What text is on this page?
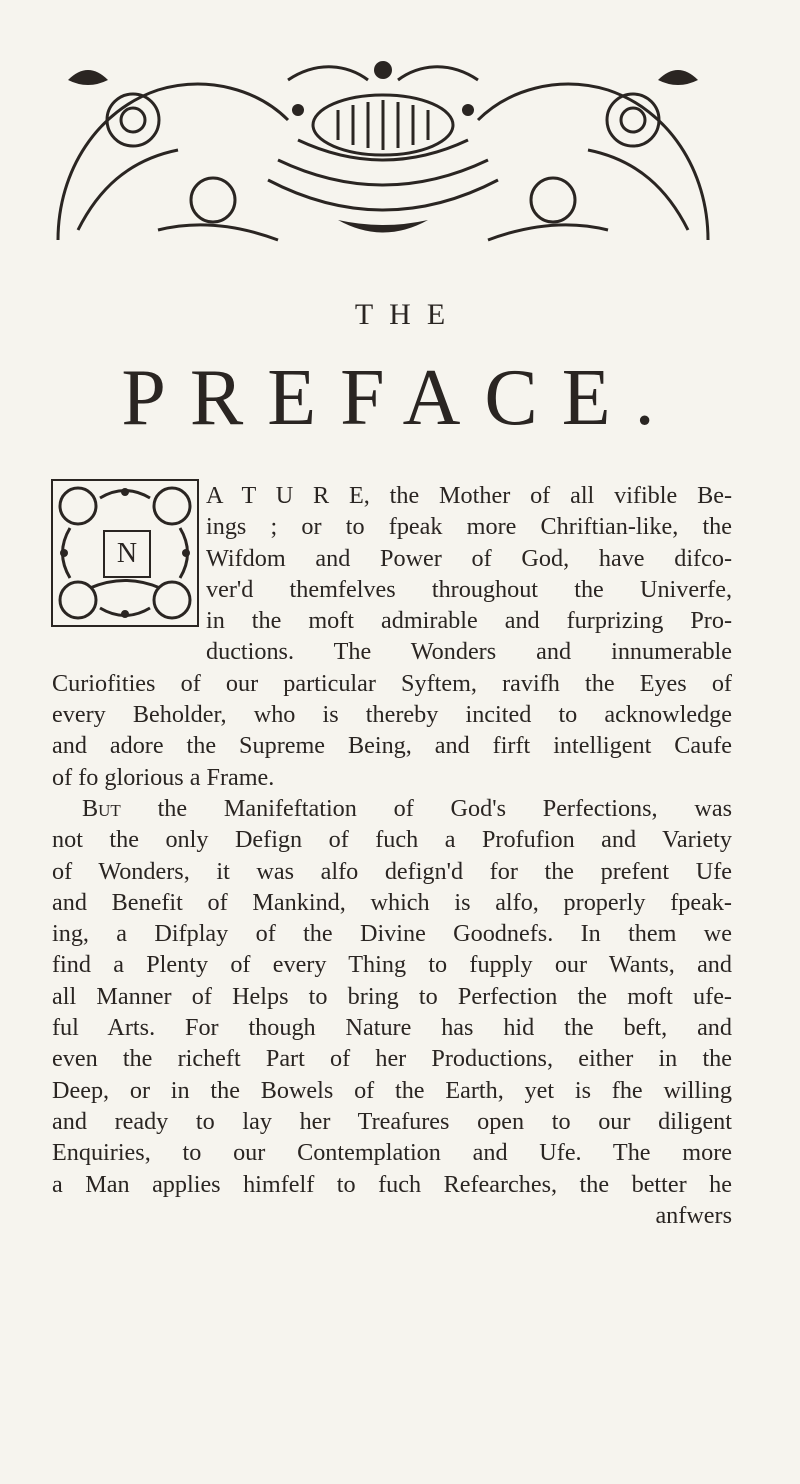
THE
PREFACE.
N
A T U R E, the Mother of all vifible Be-
ings ; or to fpeak more Chriftian-like, the
Wifdom and Power of God, have difco-
ver'd themfelves throughout the Univerfe,
in the moft admirable and furprizing Pro-
ductions. The Wonders and innumerable
Curiofities of our particular Syftem, ravifh the Eyes of
every Beholder, who is thereby incited to acknowledge
and adore the Supreme Being, and firft intelligent Caufe
of fo glorious a Frame.
But the Manifeftation of God's Perfections, was
not the only Defign of fuch a Profufion and Variety
of Wonders, it was alfo defign'd for the prefent Ufe
and Benefit of Mankind, which is alfo, properly fpeak-
ing, a Difplay of the Divine Goodnefs. In them we
find a Plenty of every Thing to fupply our Wants, and
all Manner of Helps to bring to Perfection the moft ufe-
ful Arts. For though Nature has hid the beft, and
even the richeft Part of her Productions, either in the
Deep, or in the Bowels of the Earth, yet is fhe willing
and ready to lay her Treafures open to our diligent
Enquiries, to our Contemplation and Ufe. The more
a Man applies himfelf to fuch Refearches, the better he
anfwers
